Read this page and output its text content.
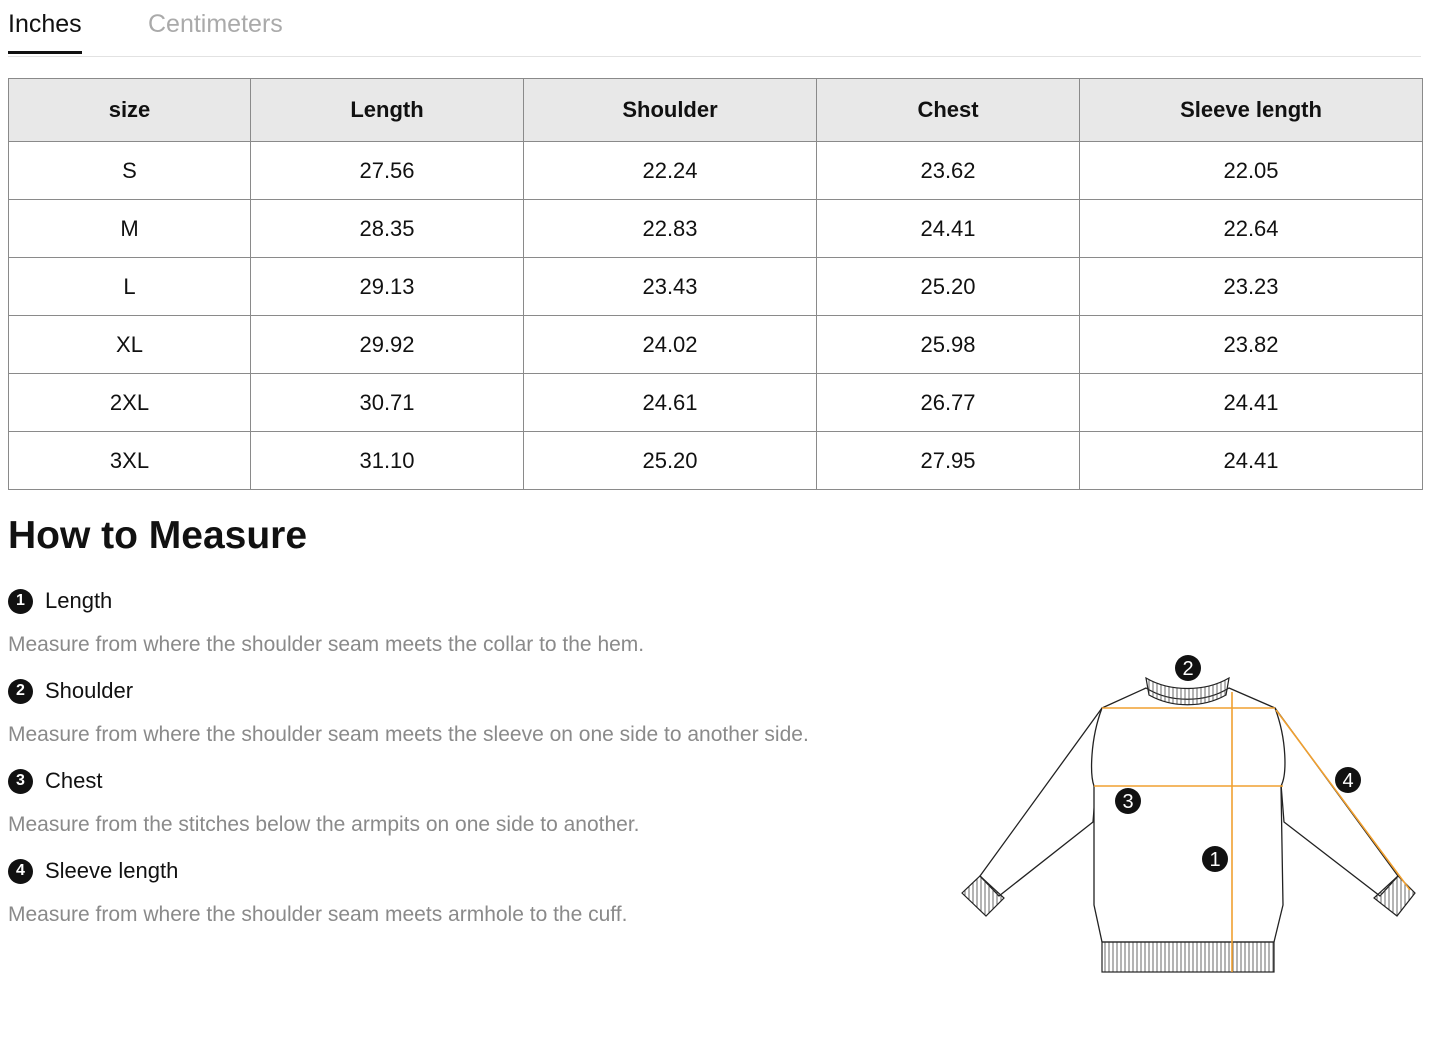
Inches	Centimeters
size	Length	Shoulder	Chest	Sleeve length
S	27.56	22.24	23.62	22.05
M	28.35	22.83	24.41	22.64
L	29.13	23.43	25.20	23.23
XL	29.92	24.02	25.98	23.82
2XL	30.71	24.61	26.77	24.41
3XL	31.10	25.20	27.95	24.41
How to Measure
1 Length
Measure from where the shoulder seam meets the collar to the hem.
2 Shoulder
Measure from where the shoulder seam meets the sleeve on one side to another side.
3 Chest
Measure from the stitches below the armpits on one side to another.
4 Sleeve length
Measure from where the shoulder seam meets armhole to the cuff.
2
4
3
1
